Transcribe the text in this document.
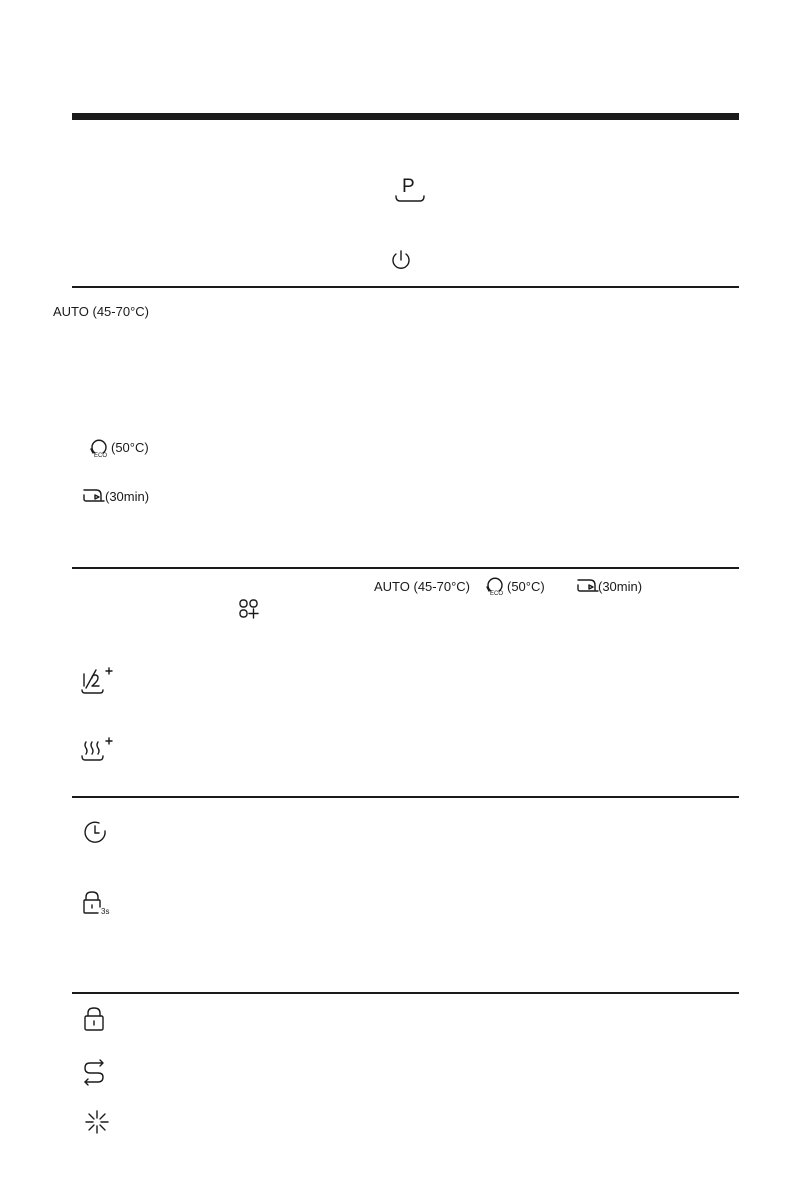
P
AUTO (45-70°C)
ECO
(50°C)
(30min)
AUTO (45-70°C)	ECO (50°C)	(30min)
3s
